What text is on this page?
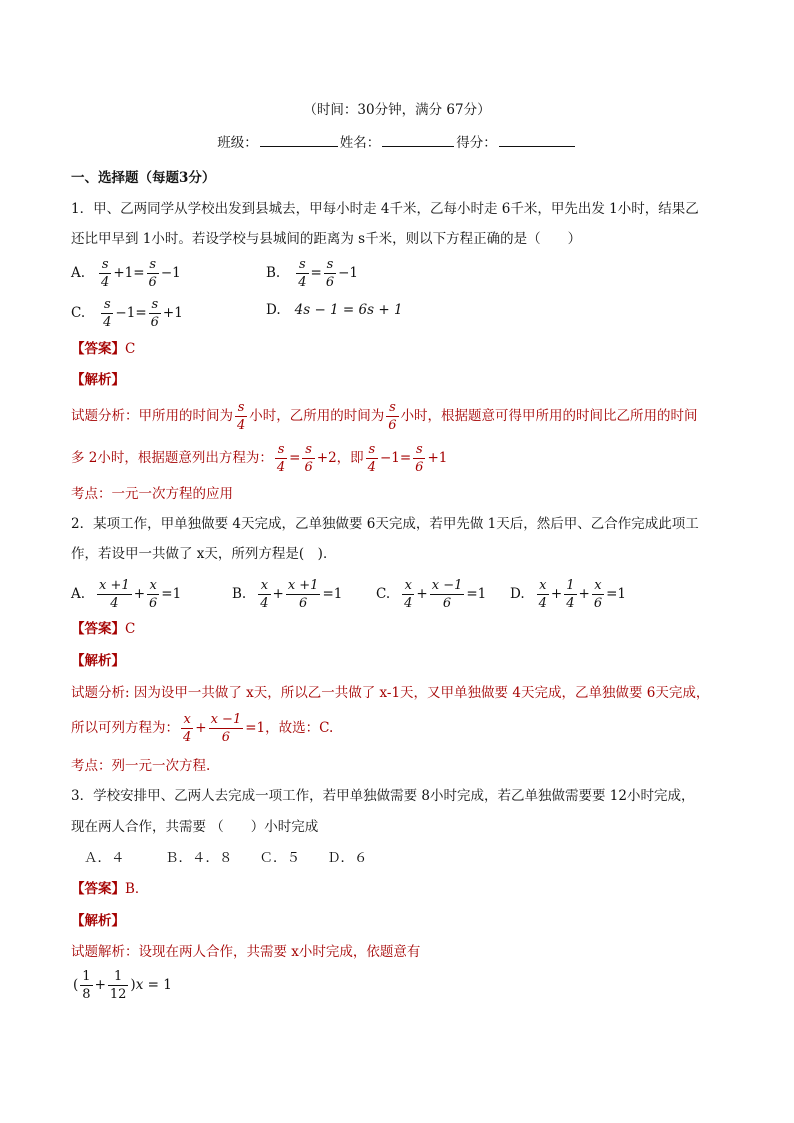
（时间：30分钟，满分 67分）
班级：	姓名：	得分：
一、选择题（每题3分）
1．甲、乙两同学从学校出发到县城去，甲每小时走 4千米，乙每小时走 6千米，甲先出发 1小时，结果乙
还比甲早到 1小时。若设学校与县城间的距离为 s千米，则以下方程正确的是（　　）
A. $\frac{s}{4} +1= \frac{s}{6} -1$	B. $\frac{s}{4} = \frac{s}{6} -1$
C. $\frac{s}{4} -1= \frac{s}{6} +1$	D. 4s − 1 = 6s + 1
【答案】C
【解析】
试题分析：甲所用的时间为 $\frac{s}{4}$ 小时，乙所用的时间为 $\frac{s}{6}$ 小时，根据题意可得甲所用的时间比乙所用的时间
多 2小时，根据题意列出方程为： $\frac{s}{4} = \frac{s}{6} +2$ ，即 $\frac{s}{4} -1= \frac{s}{6} +1$
考点：一元一次方程的应用
2．某项工作，甲单独做要 4天完成，乙单独做要 6天完成，若甲先做 1天后，然后甲、乙合作完成此项工
作，若设甲一共做了 x天，所列方程是(　)．
A. $\frac{x +1}{4} + \frac{x}{6} =1$	B. $\frac{x}{4} + \frac{x +1}{6} =1$ C. $\frac{x}{4} + \frac{x -1}{6} =1$ D. $\frac{x}{4} + \frac{1}{4} + \frac{x}{6} =1$
【答案】C
【解析】
试题分析: 因为设甲一共做了 x天，所以乙一共做了 x-1天，又甲单独做要 4天完成，乙单独做要 6天完成，
所以可列方程为： $\frac{x}{4} + \frac{x -1}{6} =1$ ，故选：C.
考点：列一元一次方程.
3．学校安排甲、乙两人去完成一项工作，若甲单独做需要 8小时完成，若乙单独做需要要 12小时完成，
现在两人合作，共需要 （　　）小时完成
Ａ．４　　　Ｂ．４．８　　Ｃ．５　　Ｄ．６
【答案】B．
【解析】
试题解析：设现在两人合作，共需要 x小时完成，依题意有
( $\frac{1}{8} + \frac{1}{12}$ ) x = 1
